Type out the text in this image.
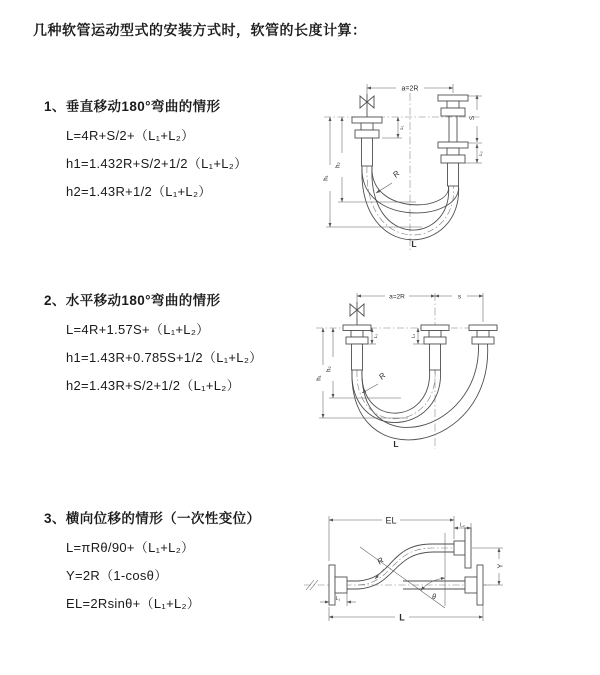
几种软管运动型式的安装方式时，软管的长度计算：
1、垂直移动180°弯曲的情形
L=4R+S/2+（L₁+L₂）
h1=1.432R+S/2+1/2（L₁+L₂）
h2=1.43R+1/2（L₁+L₂）
2、水平移动180°弯曲的情形
L=4R+1.57S+（L₁+L₂）
h1=1.43R+0.785S+1/2（L₁+L₂）
h2=1.43R+S/2+1/2（L₁+L₂）
3、横向位移的情形（一次性变位）
L=πRθ/90+（L₁+L₂）
Y=2R（1-cosθ）
EL=2Rsinθ+（L₁+L₂）
a=2R
S
L₂
L₁
h₂
h₁	R
L
a=2R	s
h₁
h₂
L₁	L₂
R
L
θ
EL	L₂
Y
L
L₁
R
